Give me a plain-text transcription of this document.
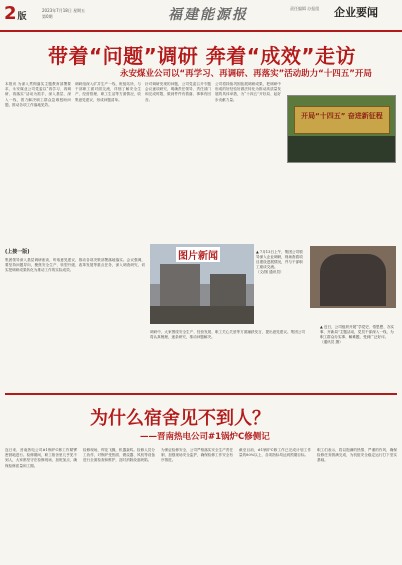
2版
2023年7月18日 星期五
第0期	福建能源报	责任编辑 办报组 企业要闻
带着“问题”调研 奔着“成效”走访
永安煤业公司以“再学习、再调研、再落实”活动助力“十四五”开局
本报讯 为深入贯彻落实主题教育部署要求，永安煤业公司党委以“再学习、再调研、再落实”活动为抓手，深入基层、深入一线，着力解决职工群众急难愁盼问题，推动各项工作落地见效。
调研组深入矿井生产一线、班组站所，与干部职工面对面交流，详细了解安全生产、经营管理、职工生活等方面情况，收集意见建议，形成问题清单。
针对调研发现的问题，公司党委召开专题会议逐项研究，明确责任领导、责任部门和完成时限，做到件件有着落、事事有回音。
公司将持续巩固拓展调研成果，把调研中形成的好经验好做法转化为推动高质量发展的具体举措，为“十四五”开好局、起好步贡献力量。
开局“十四五” 奋进新征程
(上接一版)
集团领导深入基层调研座谈，听取意见建议，推动各项决策部署落地落实。会议强调，要坚持问题导向，聚焦安全生产、转型升级、改革发展等重点任务，深入调查研究，切实把调研成果转化为推动工作的实际成效。
图片新闻	▲ 7月13日上午，集团公司领导深入企业调研，现场查看项目建设进展情况，并与干部职工座谈交流。 （文/图 通讯员）
调研中，大家围绕安全生产、经营发展、职工关心关爱等方面踊跃发言，提出意见建议。集团公司将认真梳理，逐条研究，推动问题解决。
▲ 近日，公司组织开展“学党史、悟思想、办实事、开新局”主题活动，党员干部深入一线，为职工群众办实事、解难题，受到广泛好评。 （通讯员 摄）
为什么宿舍见不到人？
——晋南热电公司#1锅炉C修侧记
连日来，晋南热电公司#1锅炉C修工作紧锣密鼓地进行。检修期间，职工宿舍里几乎见不到人，大家都坚守在检修现场，加班加点，确保检修质量和工期。
检修现场，焊花飞溅，机器轰鸣。检修人员分工协作，对锅炉受热面、燃烧器、风机等设备进行全面检查和维护，及时消除设备缺陷。
为保证检修安全，公司严格落实安全生产责任制，加强现场安全监护，确保检修工作安全有序推进。
截至目前，#1锅炉C修工作已完成计划工作量的80%以上，各项指标均达到预期目标。
职工们表示，将以饱满的热情、严谨的作风，确保检修任务圆满完成，为机组安全稳定运行打下坚实基础。
